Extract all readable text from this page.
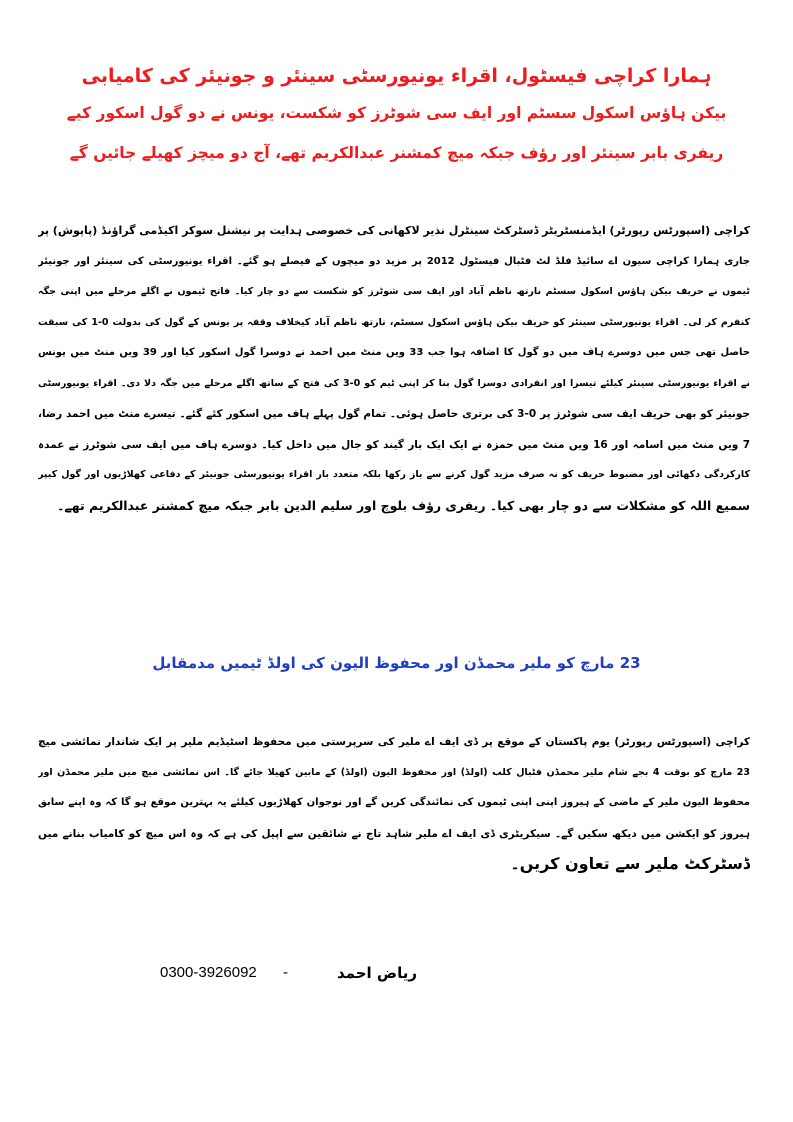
ہمارا کراچی فیسٹول، اقراء یونیورسٹی سینئر و جونیئر کی کامیابی
بیکن ہاؤس اسکول سسٹم اور ایف سی شوٹرز کو شکست، یونس نے دو گول اسکور کیے
ریفری بابر سینئر اور رؤف جبکہ میچ کمشنر عبدالکریم تھے، آج دو میچز کھیلے جائیں گے
کراچی (اسپورٹس رپورٹر) ایڈمنسٹریٹر ڈسٹرکٹ سینٹرل نذیر لاکھانی کی خصوصی ہدایت پر نیشنل سوکر اکیڈمی گراؤنڈ (پاپوش) پر
جاری ہمارا کراچی سیون اے سائیڈ فلڈ لٹ فٹبال فیسٹول 2012 پر مزید دو میچوں کے فیصلے ہو گئے۔ اقراء یونیورسٹی کی سینئر اور جونیئر
ٹیموں نے حریف بیکن ہاؤس اسکول سسٹم نارتھ ناظم آباد اور ایف سی شوٹرز کو شکست سے دو چار کیا۔ فاتح ٹیموں نے اگلے مرحلے میں اپنی جگہ
کنفرم کر لی۔ اقراء یونیورسٹی سینئر کو حریف بیکن ہاؤس اسکول سسٹم، نارتھ ناظم آباد کیخلاف وقفہ پر یونس کے گول کی بدولت 0-1 کی سبقت
حاصل تھی جس میں دوسرے ہاف میں دو گول کا اضافہ ہوا جب 33 ویں منٹ میں احمد نے دوسرا گول اسکور کیا اور 39 ویں منٹ میں یونس
نے اقراء یونیورسٹی سینئر کیلئے تیسرا اور انفرادی دوسرا گول بنا کر اپنی ٹیم کو 0-3 کی فتح کے ساتھ اگلے مرحلے میں جگہ دلا دی۔ اقراء یونیورسٹی
جونیئر کو بھی حریف ایف سی شوٹرز پر 0-3 کی برتری حاصل ہوئی۔ تمام گول پہلے ہاف میں اسکور کئے گئے۔ تیسرے منٹ میں احمد رضا،
7 ویں منٹ میں اسامہ اور 16 ویں منٹ میں حمزہ نے ایک ایک بار گیند کو جال میں داخل کیا۔ دوسرے ہاف میں ایف سی شوٹرز نے عمدہ
کارکردگی دکھائی اور مضبوط حریف کو نہ صرف مزید گول کرنے سے باز رکھا بلکہ متعدد بار اقراء یونیورسٹی جونیئر کے دفاعی کھلاڑیوں اور گول کیپر
سمیع اللہ کو مشکلات سے دو چار بھی کیا۔ ریفری رؤف بلوچ اور سلیم الدین بابر جبکہ میچ کمشنر عبدالکریم تھے۔
23 مارچ کو ملیر محمڈن اور محفوظ الیون کی اولڈ ٹیمیں مدمقابل
کراچی (اسپورٹس رپورٹر) یوم پاکستان کے موقع پر ڈی ایف اے ملیر کی سرپرستی میں محفوظ اسٹیڈیم ملیر پر ایک شاندار نمائشی میچ
23 مارچ کو بوقت 4 بجے شام ملیر محمڈن فٹبال کلب (اولڈ) اور محفوظ الیون (اولڈ) کے مابین کھیلا جائے گا۔ اس نمائشی میچ میں ملیر محمڈن اور
محفوظ الیون ملیر کے ماضی کے ہیروز اپنی اپنی ٹیموں کی نمائندگی کریں گے اور نوجوان کھلاڑیوں کیلئے یہ بہترین موقع ہو گا کہ وہ اپنے سابق
ہیروز کو ایکشن میں دیکھ سکیں گے۔ سیکریٹری ڈی ایف اے ملیر شاہد تاج نے شائقین سے اپیل کی ہے کہ وہ اس میچ کو کامیاب بنانے میں
ڈسٹرکٹ ملیر سے تعاون کریں۔
0300-3926092 -	ریاض احمد
